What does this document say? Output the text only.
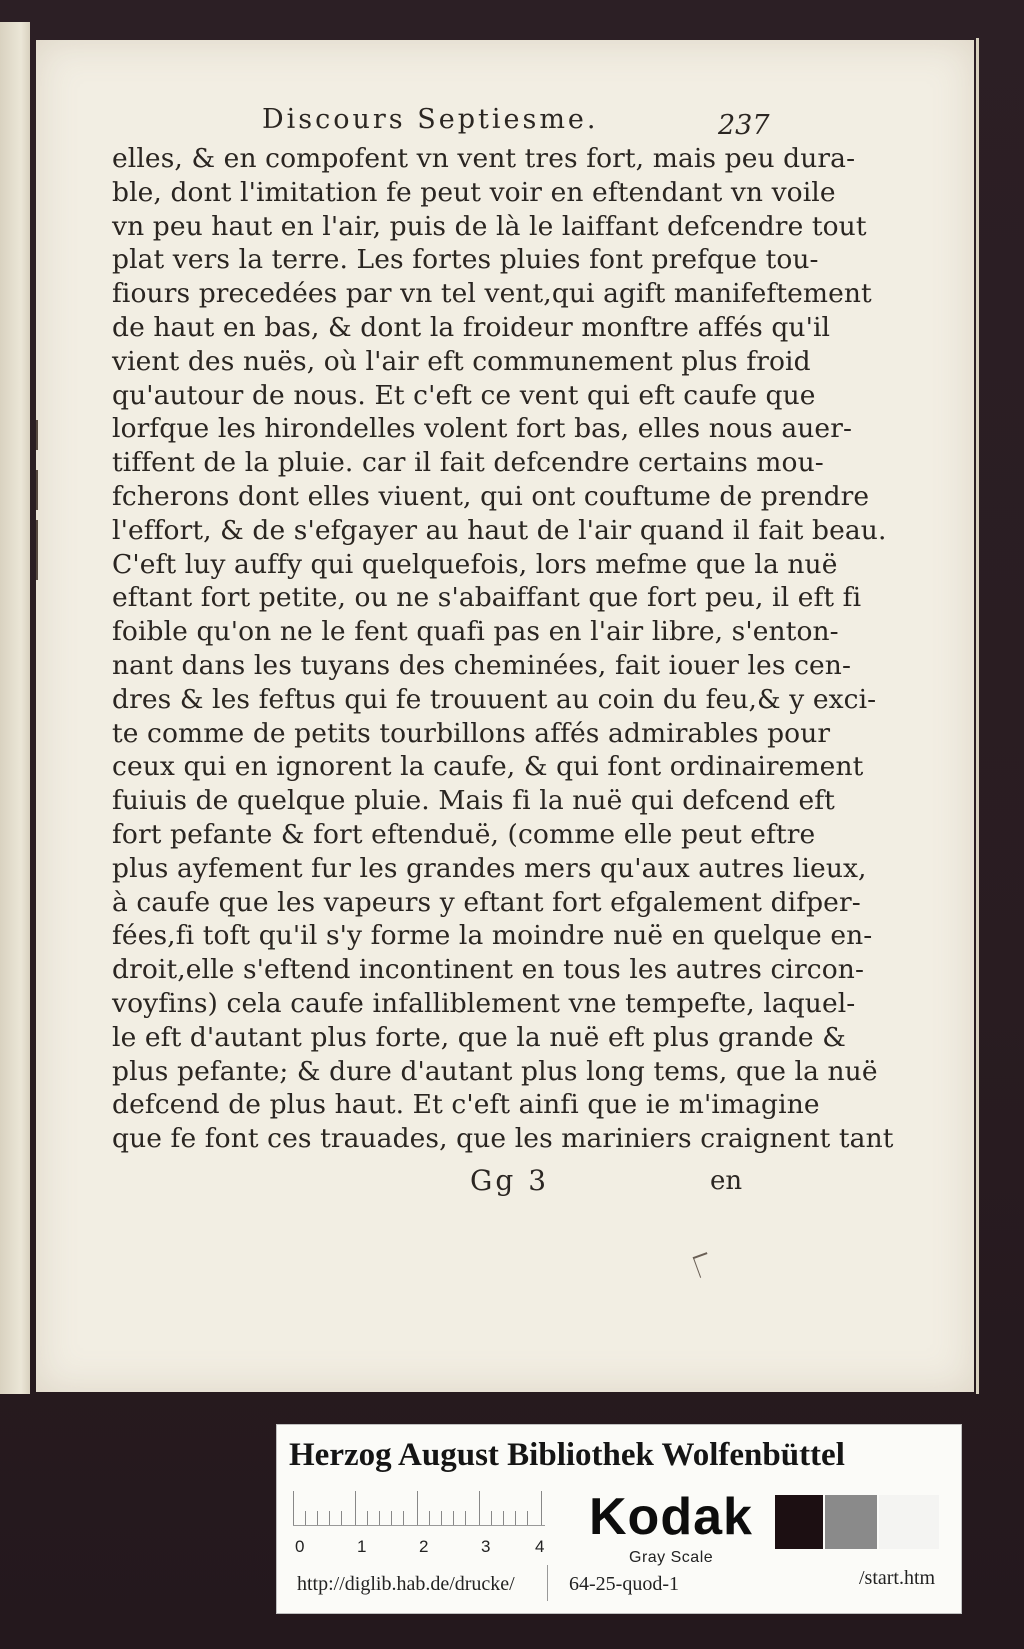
Discours Septiesme.	237
elles, & en compofent vn vent tres fort, mais peu dura-
ble, dont l'imitation fe peut voir en eftendant vn voile
vn peu haut en l'air, puis de là le laiffant defcendre tout
plat vers la terre. Les fortes pluies font prefque tou-
fiours precedées par vn tel vent,qui agift manifeftement
de haut en bas, & dont la froideur monftre affés qu'il
vient des nuës, où l'air eft communement plus froid
qu'autour de nous. Et c'eft ce vent qui eft caufe que
lorfque les hirondelles volent fort bas, elles nous auer-
tiffent de la pluie. car il fait defcendre certains mou-
fcherons dont elles viuent, qui ont couftume de prendre
l'effort, & de s'efgayer au haut de l'air quand il fait beau.
C'eft luy auffy qui quelquefois, lors mefme que la nuë
eftant fort petite, ou ne s'abaiffant que fort peu, il eft fi
foible qu'on ne le fent quafi pas en l'air libre, s'enton-
nant dans les tuyans des cheminées, fait iouer les cen-
dres & les feftus qui fe trouuent au coin du feu,& y exci-
te comme de petits tourbillons affés admirables pour
ceux qui en ignorent la caufe, & qui font ordinairement
fuiuis de quelque pluie. Mais fi la nuë qui defcend eft
fort pefante & fort eftenduë, (comme elle peut eftre
plus ayfement fur les grandes mers qu'aux autres lieux,
à caufe que les vapeurs y eftant fort efgalement difper-
fées,fi toft qu'il s'y forme la moindre nuë en quelque en-
droit,elle s'eftend incontinent en tous les autres circon-
voyfins) cela caufe infalliblement vne tempefte, laquel-
le eft d'autant plus forte, que la nuë eft plus grande &
plus pefante; & dure d'autant plus long tems, que la nuë
defcend de plus haut. Et c'eft ainfi que ie m'imagine
que fe font ces trauades, que les mariniers craignent tant
Gg 3	en
Herzog August Bibliothek Wolfenbüttel
0	1	2	3	4
Kodak
Gray Scale
http://diglib.hab.de/drucke/	64-25-quod-1	/start.htm
